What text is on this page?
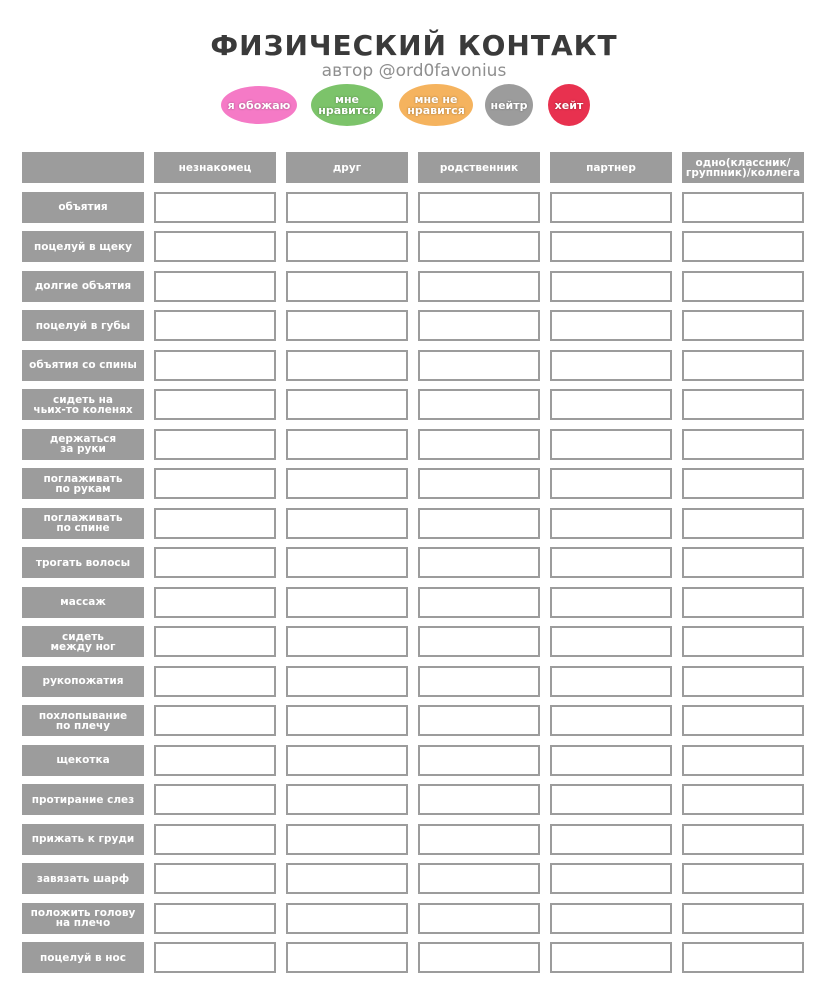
ФИЗИЧЕСКИЙ КОНТАКТ
автор @ord0favonius
я обожаю	мне
нравится
мне не
нравится	нейтр	хейт
незнакомец	друг	родственник	партнер	одно(классник/
группник)/коллега
объятия
поцелуй в щеку
долгие объятия
поцелуй в губы
объятия со спины
сидеть на
чьих-то коленях
держаться
за руки
поглаживать
по рукам
поглаживать
по спине
трогать волосы
массаж
сидеть
между ног
рукопожатия
похлопывание
по плечу
щекотка
протирание слез
прижать к груди
завязать шарф
положить голову
на плечо
поцелуй в нос
